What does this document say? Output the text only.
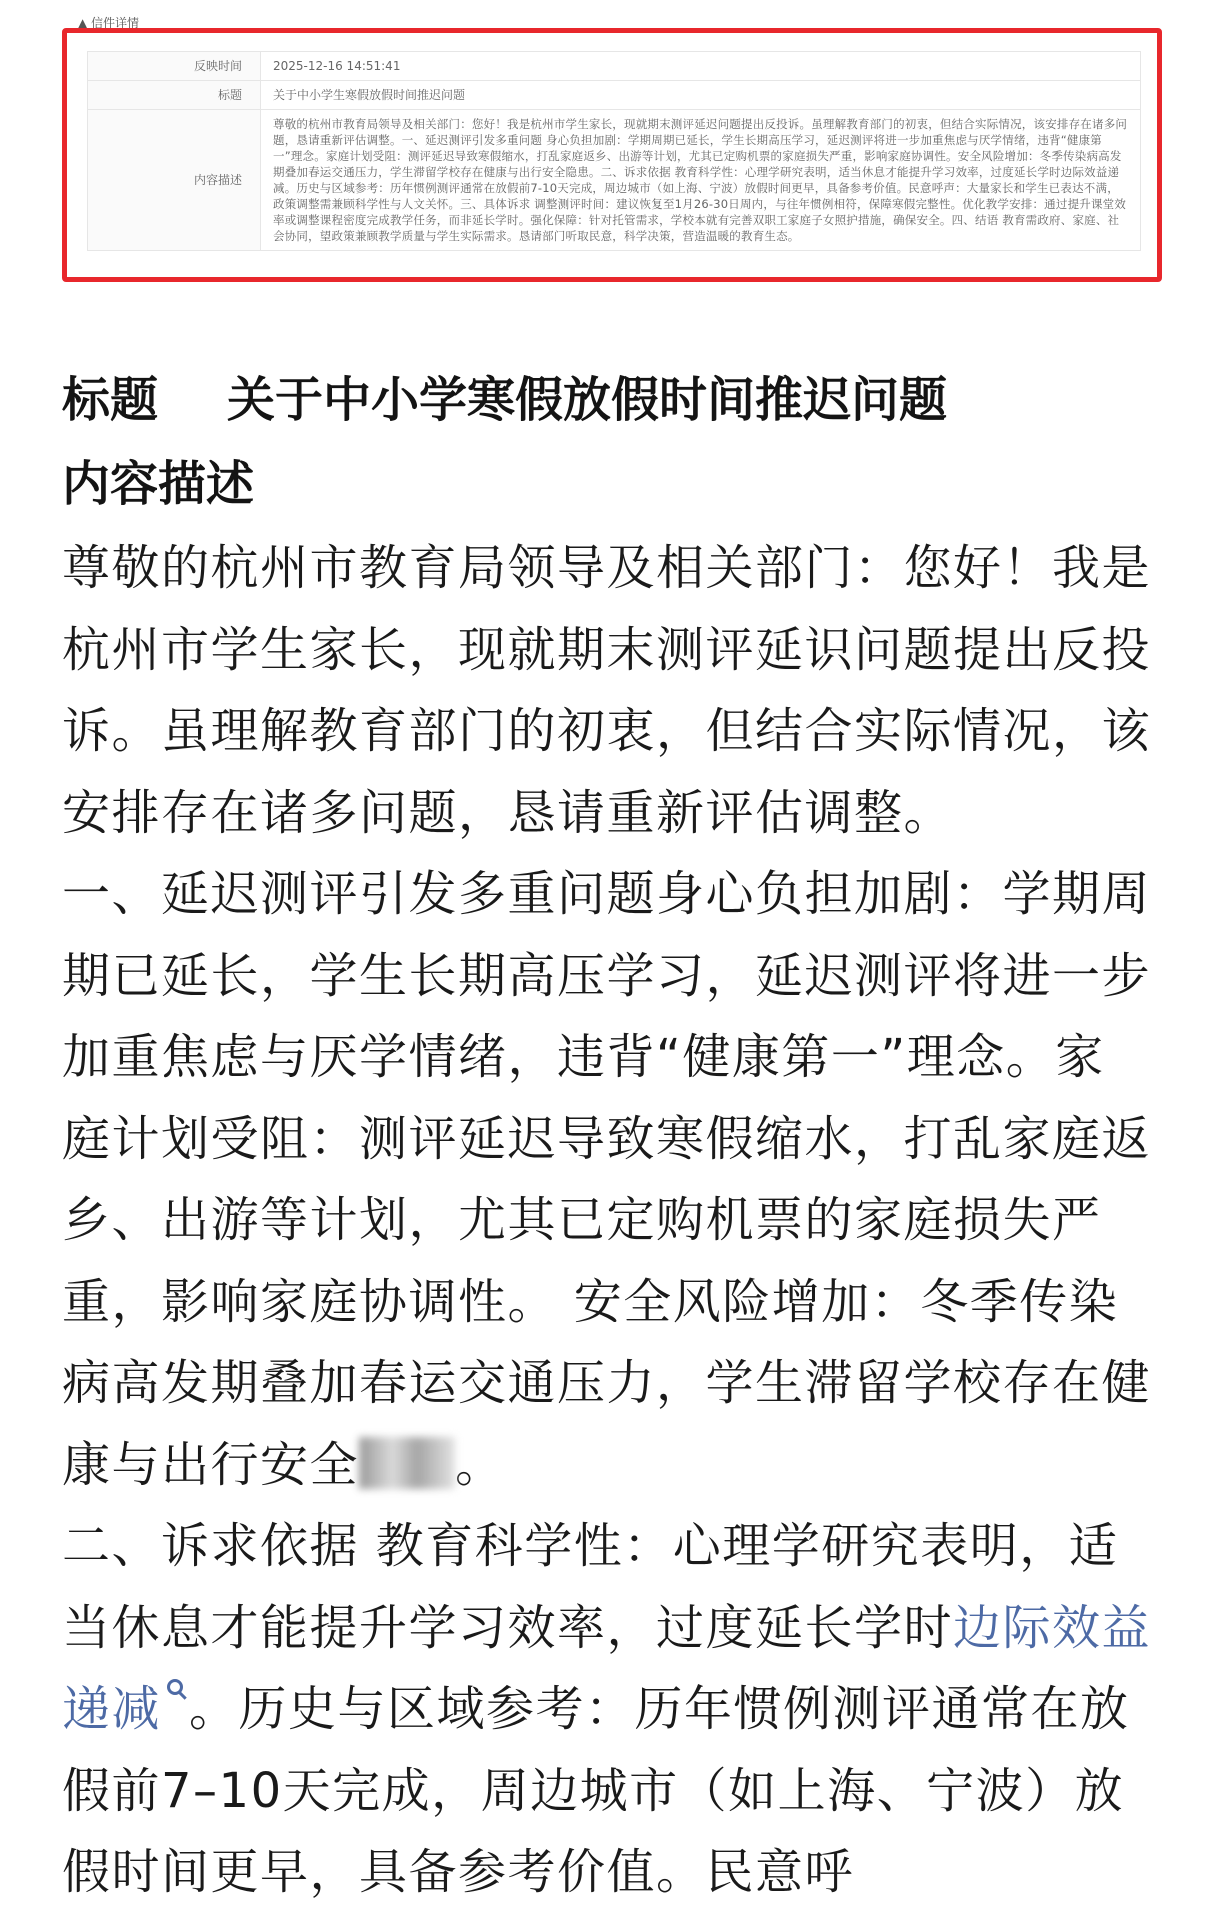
▲ 信件详情
反映时间	2025-12-16 14:51:41
标题	关于中小学生寒假放假时间推迟问题
内容描述	尊敬的杭州市教育局领导及相关部门：您好！我是杭州市学生家长，现就期末测评延迟问题提出反投诉。虽理解教育部门的初衷，但结合实际情况，该安排存在诸多问题，恳请重新评估调整。一、延迟测评引发多重问题 身心负担加剧：学期周期已延长，学生长期高压学习，延迟测评将进一步加重焦虑与厌学情绪，违背“健康第一”理念。家庭计划受阻：测评延迟导致寒假缩水，打乱家庭返乡、出游等计划，尤其已定购机票的家庭损失严重，影响家庭协调性。安全风险增加：冬季传染病高发期叠加春运交通压力，学生滞留学校存在健康与出行安全隐患。二、诉求依据 教育科学性：心理学研究表明，适当休息才能提升学习效率，过度延长学时边际效益递减。历史与区域参考：历年惯例测评通常在放假前7-10天完成，周边城市（如上海、宁波）放假时间更早，具备参考价值。民意呼声：大量家长和学生已表达不满，政策调整需兼顾科学性与人文关怀。三、具体诉求 调整测评时间：建议恢复至1月26-30日周内，与往年惯例相符，保障寒假完整性。优化教学安排：通过提升课堂效率或调整课程密度完成教学任务，而非延长学时。强化保障：针对托管需求，学校本就有完善双职工家庭子女照护措施，确保安全。四、结语 教育需政府、家庭、社会协同，望政策兼顾教学质量与学生实际需求。恳请部门听取民意，科学决策，营造温暖的教育生态。
标题 关于中小学寒假放假时间推迟问题
内容描述
尊敬的杭州市教育局领导及相关部门：您好！我是杭州市学生家长，现就期末测评延识问题提出反投诉。虽理解教育部门的初衷，但结合实际情况，该安排存在诸多问题，恳请重新评估调整。
一、延迟测评引发多重问题身心负担加剧：学期周期已延长，学生长期高压学习，延迟测评将进一步加重焦虑与厌学情绪，违背“健康第一”理念。家庭计划受阻：测评延迟导致寒假缩水，打乱家庭返乡、出游等计划，尤其已定购机票的家庭损失严重，影响家庭协调性。 安全风险增加：冬季传染病高发期叠加春运交通压力，学生滞留学校存在健康与出行安全 。
二、诉求依据 教育科学性：心理学研究表明，适当休息才能提升学习效率，过度延长学时边际效益递减 。历史与区域参考：历年惯例测评通常在放假前7–10天完成，周边城市（如上海、宁波）放假时间更早，具备参考价值。民意呼
